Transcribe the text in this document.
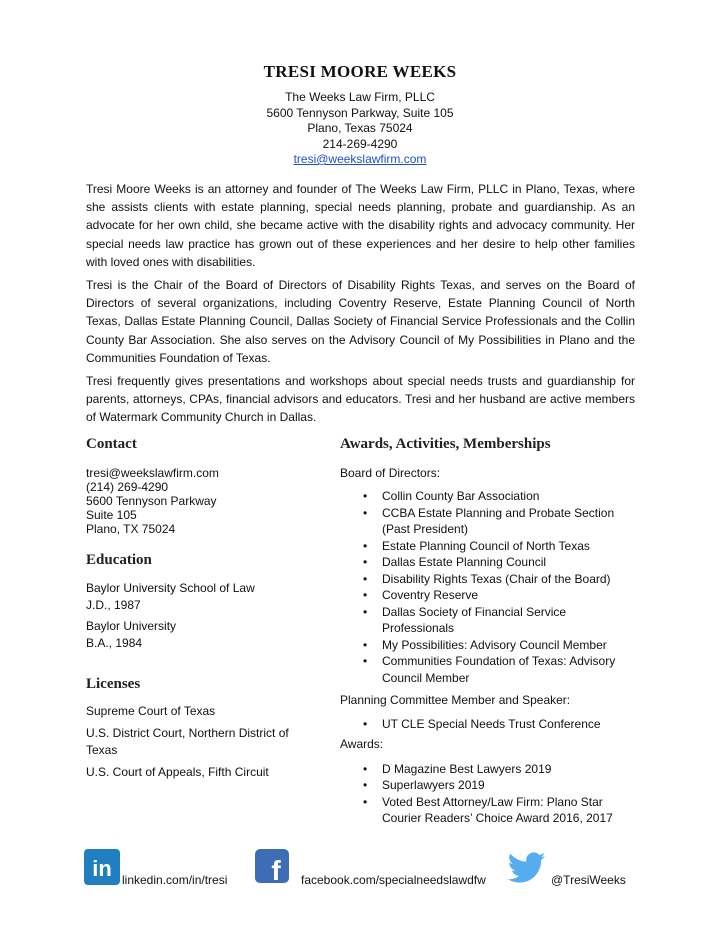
TRESI MOORE WEEKS
The Weeks Law Firm, PLLC
5600 Tennyson Parkway, Suite 105
Plano, Texas 75024
214-269-4290
tresi@weekslawfirm.com

Tresi Moore Weeks is an attorney and founder of The Weeks Law Firm, PLLC in Plano, Texas, where she assists clients with estate planning, special needs planning, probate and guardianship. As an advocate for her own child, she became active with the disability rights and advocacy community. Her special needs law practice has grown out of these experiences and her desire to help other families with loved ones with disabilities.

Tresi is the Chair of the Board of Directors of Disability Rights Texas, and serves on the Board of Directors of several organizations, including Coventry Reserve, Estate Planning Council of North Texas, Dallas Estate Planning Council, Dallas Society of Financial Service Professionals and the Collin County Bar Association. She also serves on the Advisory Council of My Possibilities in Plano and the Communities Foundation of Texas.

Tresi frequently gives presentations and workshops about special needs trusts and guardianship for parents, attorneys, CPAs, financial advisors and educators. Tresi and her husband are active members of Watermark Community Church in Dallas.

Contact
tresi@weekslawfirm.com
(214) 269-4290
5600 Tennyson Parkway
Suite 105
Plano, TX 75024
Education
Baylor University School of Law
J.D., 1987
Baylor University
B.A., 1984
Licenses
Supreme Court of Texas
U.S. District Court, Northern District of Texas
U.S. Court of Appeals, Fifth Circuit
Awards, Activities, Memberships
Board of Directors:
• Collin County Bar Association
• CCBA Estate Planning and Probate Section (Past President)
• Estate Planning Council of North Texas
• Dallas Estate Planning Council
• Disability Rights Texas (Chair of the Board)
• Coventry Reserve
• Dallas Society of Financial Service Professionals
• My Possibilities: Advisory Council Member
• Communities Foundation of Texas: Advisory Council Member
Planning Committee Member and Speaker:
• UT CLE Special Needs Trust Conference
Awards:
• D Magazine Best Lawyers 2019
• Superlawyers 2019
• Voted Best Attorney/Law Firm: Plano Star Courier Readers’ Choice Award 2016, 2017
in linkedin.com/in/tresi f facebook.com/specialneedslawdfw	@TresiWeeks
